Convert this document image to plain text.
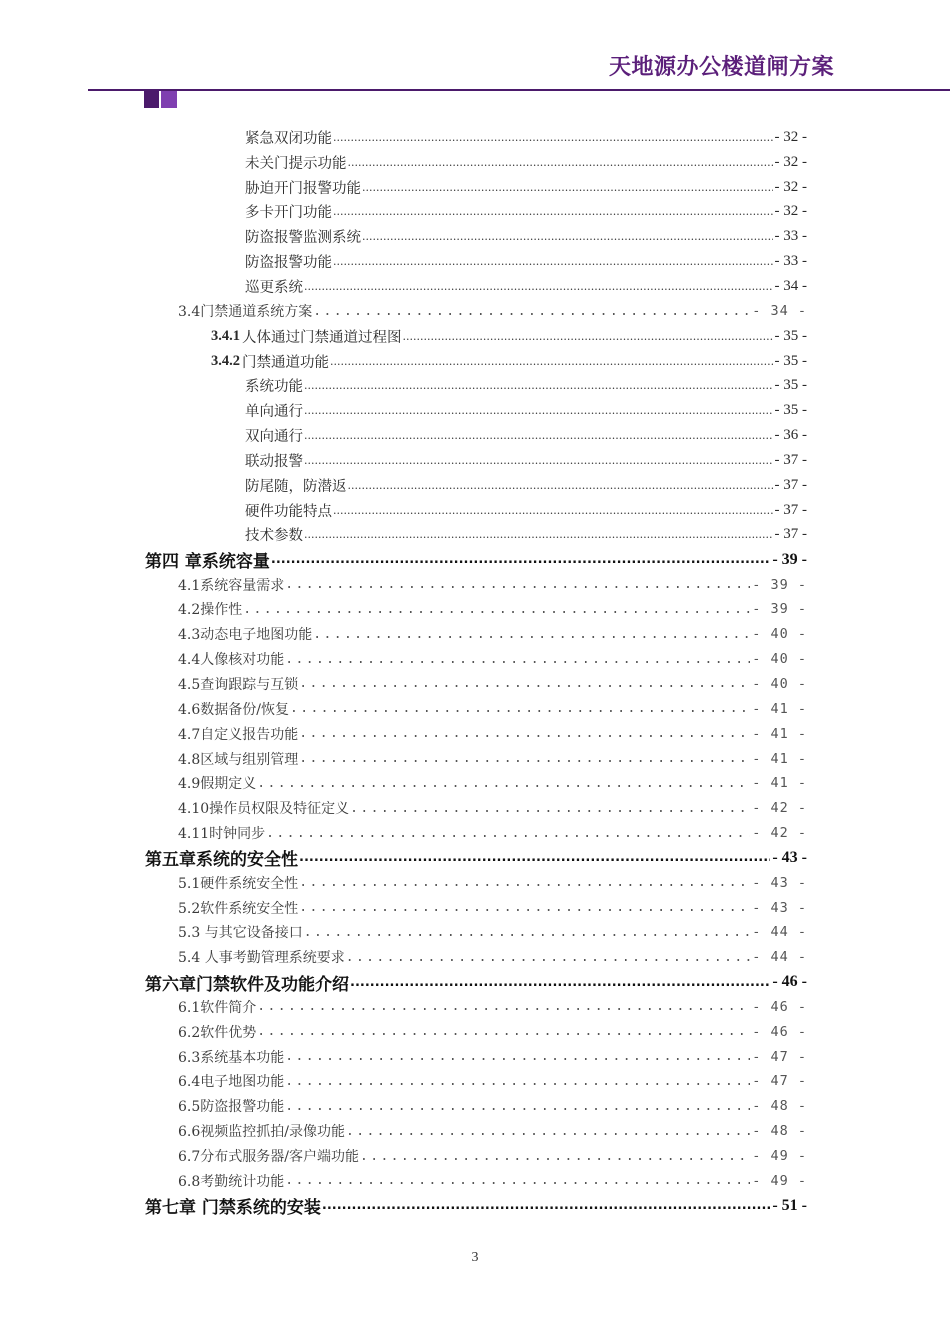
天地源办公楼道闸方案
紧急双闭功能 .....	- 32 -
未关门提示功能 .....	- 32 -
胁迫开门报警功能 .....	- 32 -
多卡开门功能 .....	- 32 -
防盗报警监测系统 .....	- 33 -
防盗报警功能 .....	- 33 -
巡更系统 .....	- 34 -
3.4门禁通道系统方案 .....	- 34 -
3.4.1 人体通过门禁通道过程图 .....	- 35 -
3.4.2 门禁通道功能 .....	- 35 -
系统功能 .....	- 35 -
单向通行 .....	- 35 -
双向通行 .....	- 36 -
联动报警 .....	- 37 -
防尾随，防潜返 .....	- 37 -
硬件功能特点 .....	- 37 -
技术参数 .....	- 37 -
第四 章系统容量 .....	- 39 -
4.1系统容量需求 .....	- 39 -
4.2操作性 .....	- 39 -
4.3动态电子地图功能 .....	- 40 -
4.4人像核对功能 .....	- 40 -
4.5查询跟踪与互锁 .....	- 40 -
4.6数据备份/恢复 .....	- 41 -
4.7自定义报告功能 .....	- 41 -
4.8区域与组别管理 .....	- 41 -
4.9假期定义 .....	- 41 -
4.10操作员权限及特征定义 .....	- 42 -
4.11时钟同步 .....	- 42 -
第五章系统的安全性 .....	- 43 -
5.1硬件系统安全性 .....	- 43 -
5.2软件系统安全性 .....	- 43 -
5.3 与其它设备接口 .....	- 44 -
5.4 人事考勤管理系统要求 .....	- 44 -
第六章门禁软件及功能介绍 .....	- 46 -
6.1软件简介 .....	- 46 -
6.2软件优势 .....	- 46 -
6.3系统基本功能 .....	- 47 -
6.4电子地图功能 .....	- 47 -
6.5防盗报警功能 .....	- 48 -
6.6视频监控抓拍/录像功能 .....	- 48 -
6.7分布式服务器/客户端功能 .....	- 49 -
6.8考勤统计功能 .....	- 49 -
第七章 门禁系统的安装 .....	- 51 -
3
